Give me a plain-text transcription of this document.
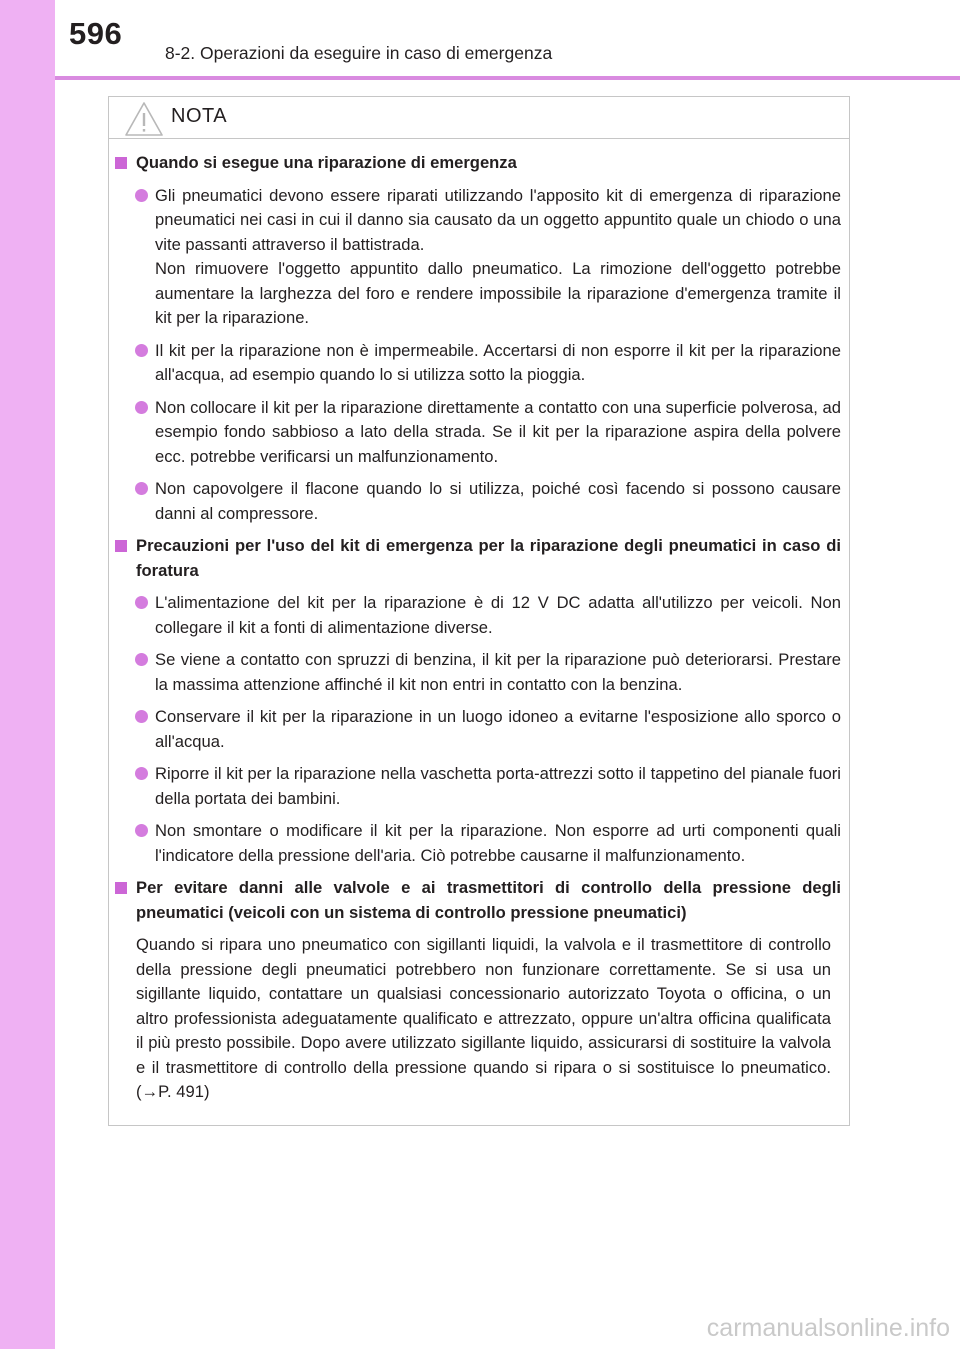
596
8-2. Operazioni da eseguire in caso di emergenza
NOTA
Quando si esegue una riparazione di emergenza
Gli pneumatici devono essere riparati utilizzando l'apposito kit di emergenza di riparazione pneumatici nei casi in cui il danno sia causato da un oggetto appuntito quale un chiodo o una vite passanti attraverso il battistrada.
Non rimuovere l'oggetto appuntito dallo pneumatico. La rimozione dell'oggetto potrebbe aumentare la larghezza del foro e rendere impossibile la riparazione d'emergenza tramite il kit per la riparazione.
Il kit per la riparazione non è impermeabile. Accertarsi di non esporre il kit per la riparazione all'acqua, ad esempio quando lo si utilizza sotto la pioggia.
Non collocare il kit per la riparazione direttamente a contatto con una superficie polverosa, ad esempio fondo sabbioso a lato della strada. Se il kit per la riparazione aspira della polvere ecc. potrebbe verificarsi un malfunzionamento.
Non capovolgere il flacone quando lo si utilizza, poiché così facendo si possono causare danni al compressore.
Precauzioni per l'uso del kit di emergenza per la riparazione degli pneumatici in caso di foratura
L'alimentazione del kit per la riparazione è di 12 V DC adatta all'utilizzo per veicoli. Non collegare il kit a fonti di alimentazione diverse.
Se viene a contatto con spruzzi di benzina, il kit per la riparazione può deteriorarsi. Prestare la massima attenzione affinché il kit non entri in contatto con la benzina.
Conservare il kit per la riparazione in un luogo idoneo a evitarne l'esposizione allo sporco o all'acqua.
Riporre il kit per la riparazione nella vaschetta porta-attrezzi sotto il tappetino del pianale fuori della portata dei bambini.
Non smontare o modificare il kit per la riparazione. Non esporre ad urti componenti quali l'indicatore della pressione dell'aria. Ciò potrebbe causarne il malfunzionamento.
Per evitare danni alle valvole e ai trasmettitori di controllo della pressione degli pneumatici (veicoli con un sistema di controllo pressione pneumatici)
Quando si ripara uno pneumatico con sigillanti liquidi, la valvola e il trasmettitore di controllo della pressione degli pneumatici potrebbero non funzionare correttamente. Se si usa un sigillante liquido, contattare un qualsiasi concessionario autorizzato Toyota o officina, o un altro professionista adeguatamente qualificato e attrezzato, oppure un'altra officina qualificata il più presto possibile. Dopo avere utilizzato sigillante liquido, assicurarsi di sostituire la valvola e il trasmettitore di controllo della pressione quando si ripara o si sostituisce lo pneumatico. (→P. 491)
carmanualsonline.info
